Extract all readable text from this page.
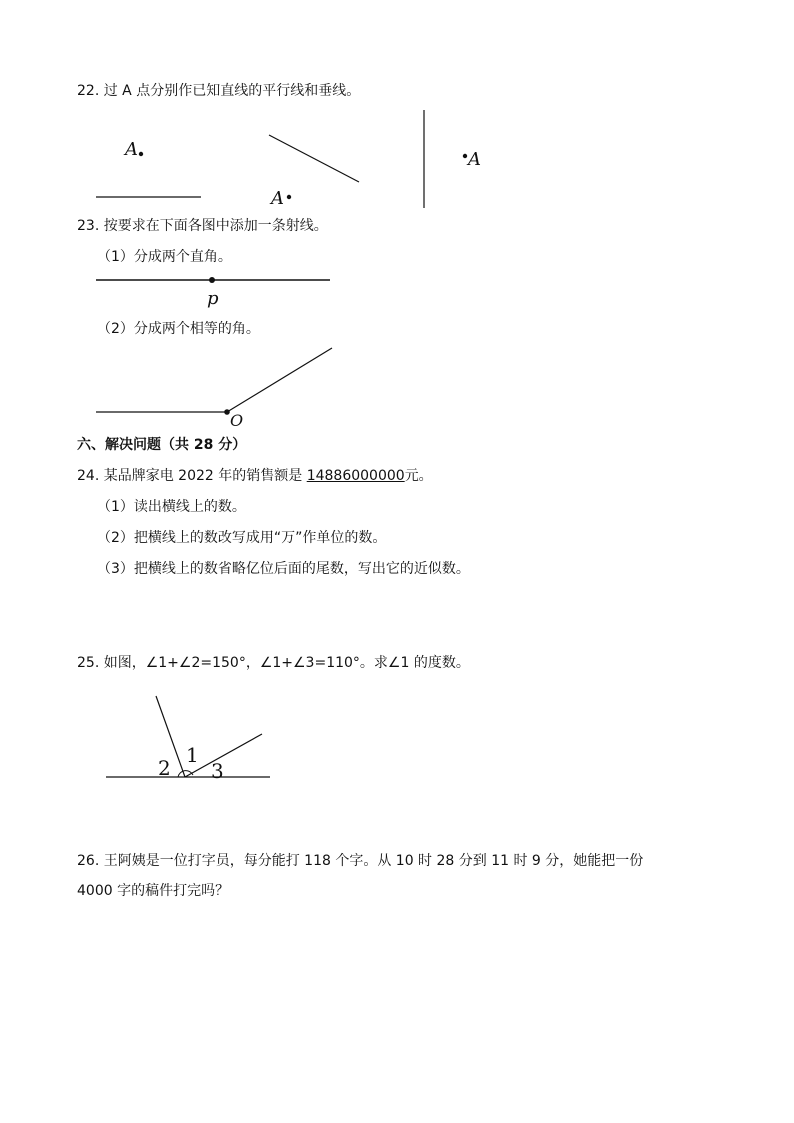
22. 过 A 点分别作已知直线的平行线和垂线。
A
A
A
23. 按要求在下面各图中添加一条射线。
（1）分成两个直角。
p
（2）分成两个相等的角。
O
六、解决问题（共 28 分）
24. 某品牌家电 2022 年的销售额是 14886000000元。
（1）读出横线上的数。
（2）把横线上的数改写成用“万”作单位的数。
（3）把横线上的数省略亿位后面的尾数，写出它的近似数。
25. 如图，∠1+∠2=150°，∠1+∠3=110°。求∠1 的度数。
1
2 3
26. 王阿姨是一位打字员，每分能打 118 个字。从 10 时 28 分到 11 时 9 分，她能把一份
4000 字的稿件打完吗？
